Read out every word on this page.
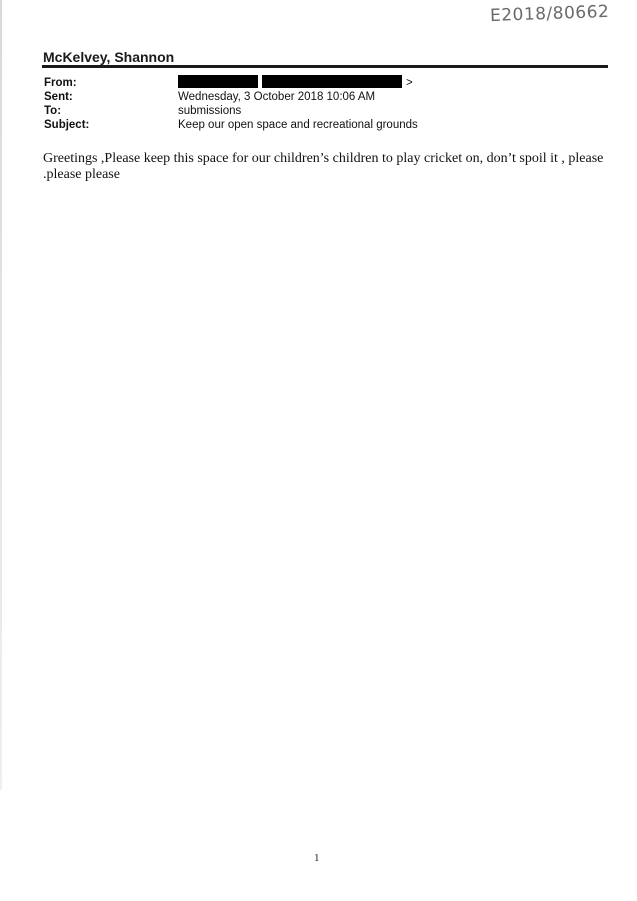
E2018/80662
McKelvey, Shannon
From:	>
Sent:	Wednesday, 3 October 2018 10:06 AM
To:	submissions
Subject:	Keep our open space and recreational grounds
Greetings ,Please keep this space for our children’s children to play cricket on, don’t spoil it , please .please please
1
